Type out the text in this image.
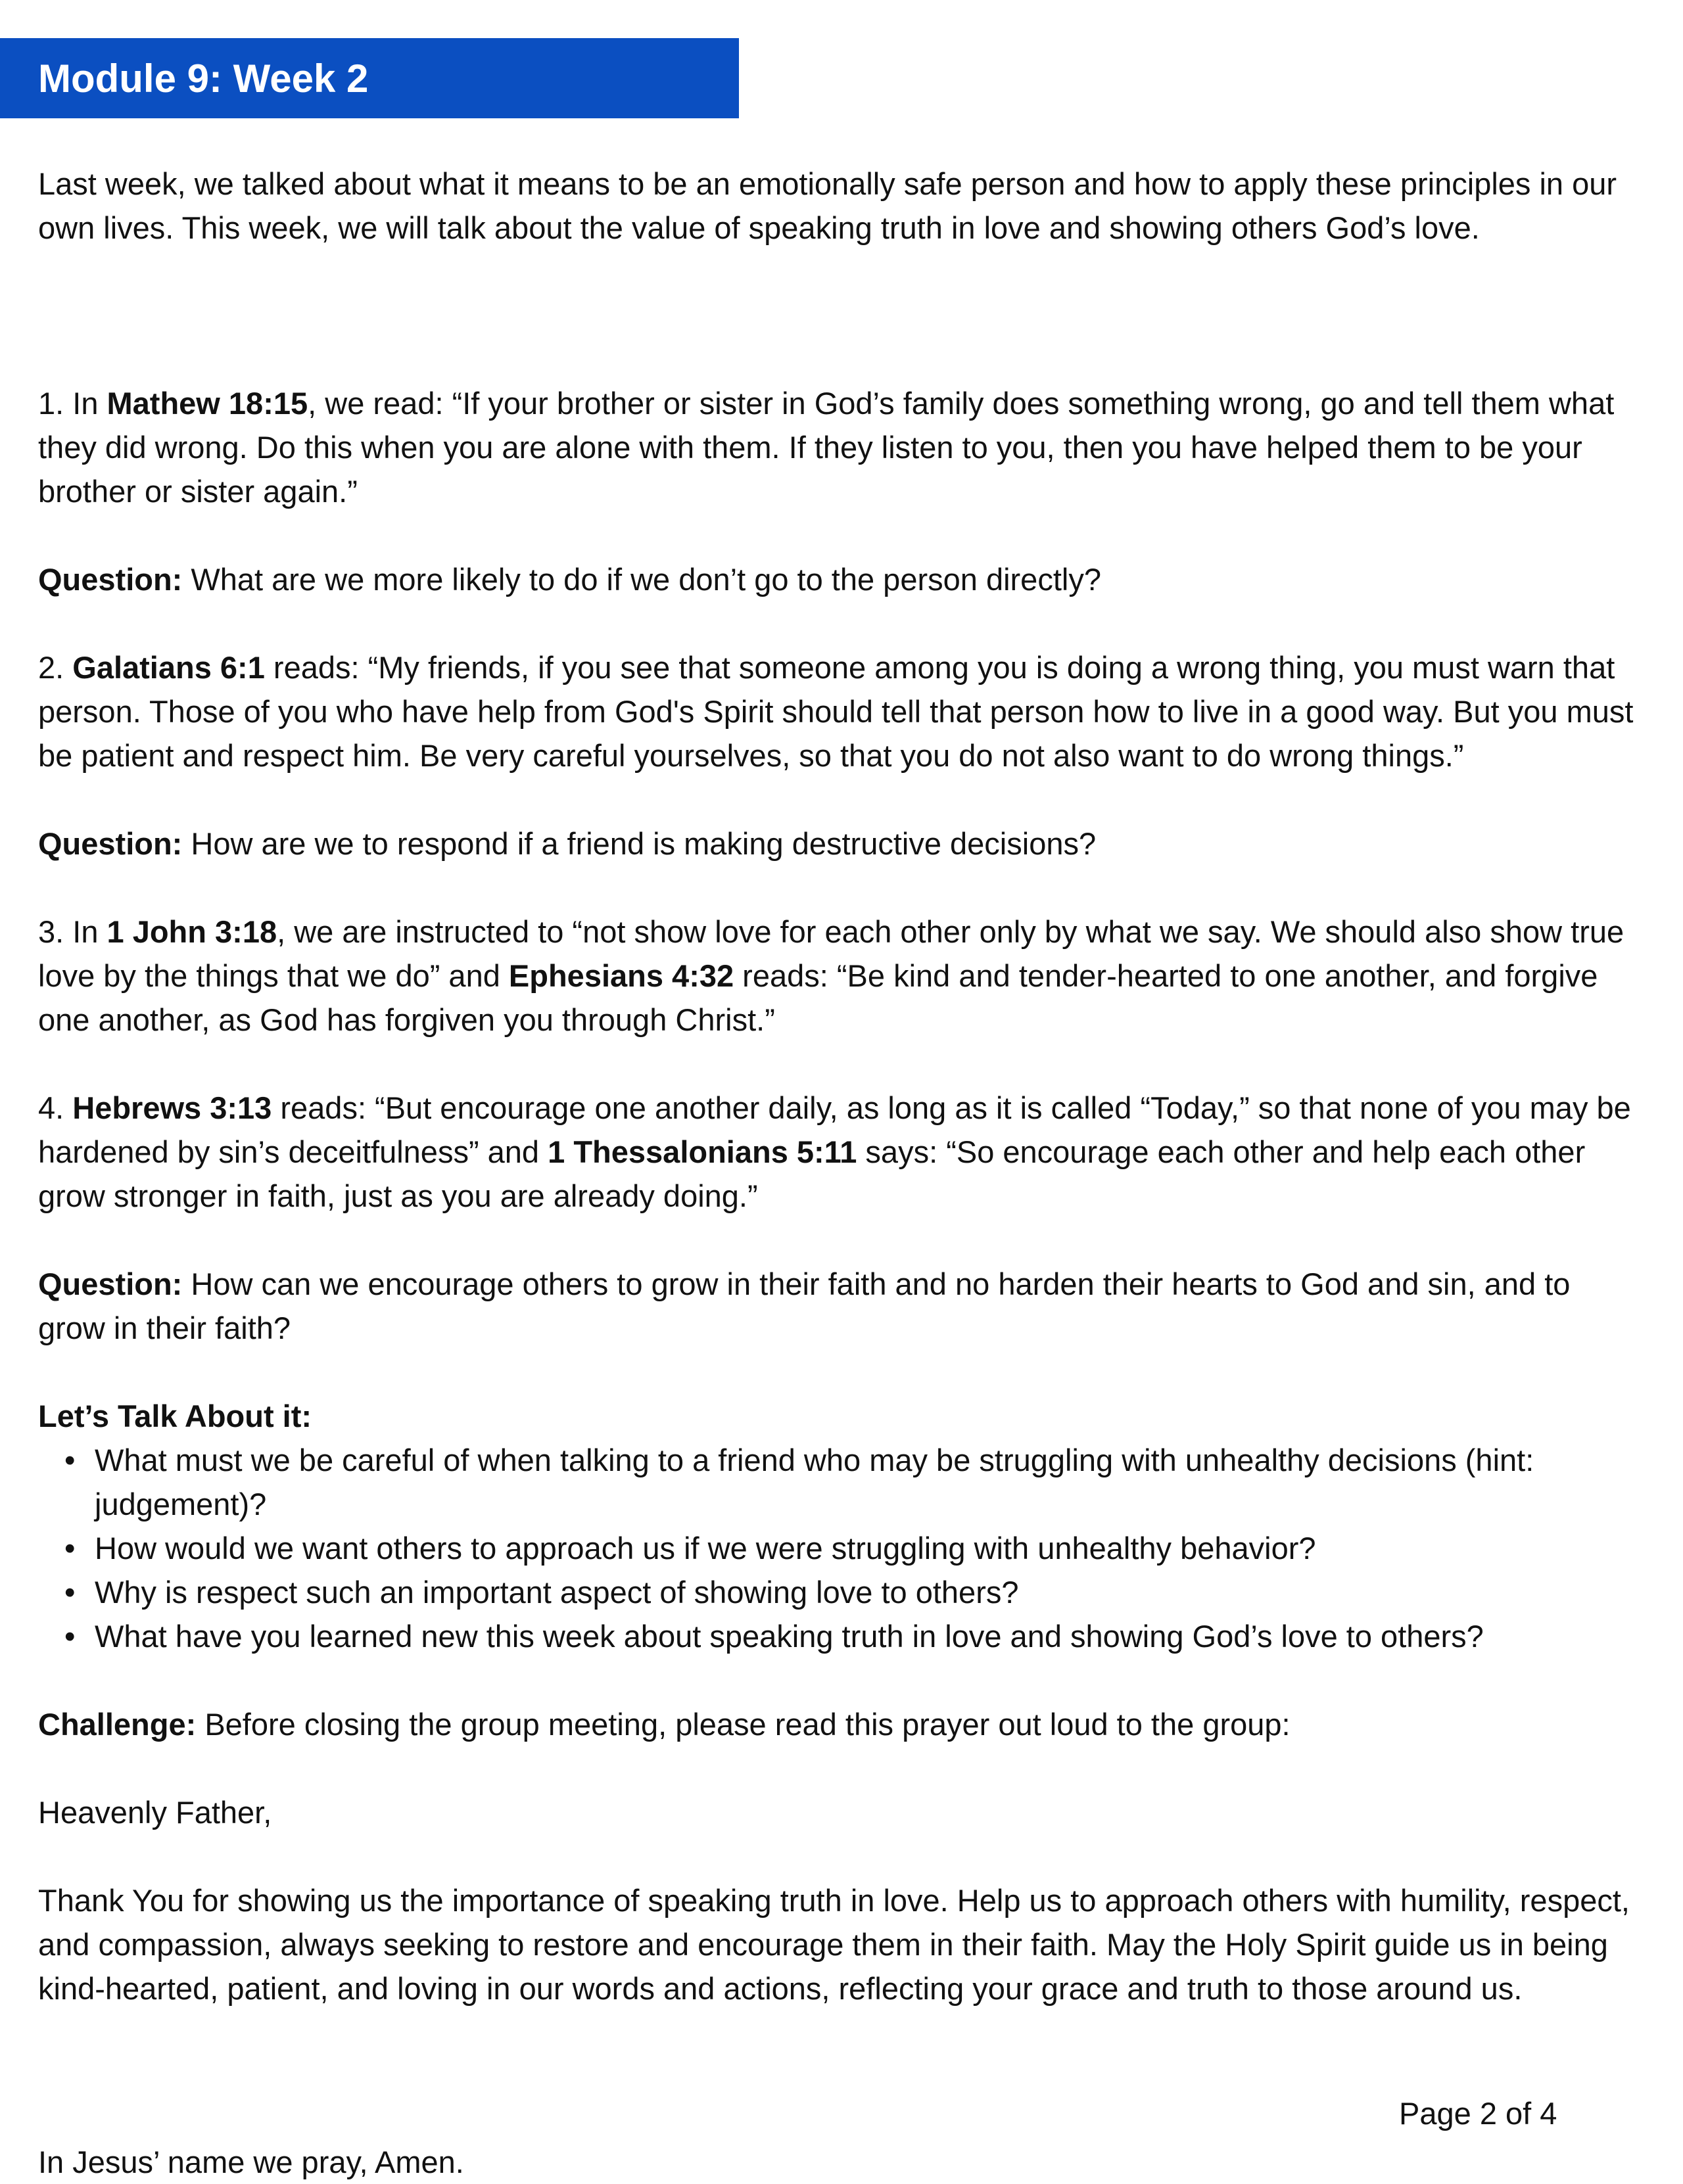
Module 9: Week 2

Last week, we talked about what it means to be an emotionally safe person and how to apply these principles in our own lives. This week, we will talk about the value of speaking truth in love and showing others God’s love.

1. In Mathew 18:15, we read: “If your brother or sister in God’s family does something wrong, go and tell them what they did wrong. Do this when you are alone with them. If they listen to you, then you have helped them to be your brother or sister again.”

Question: What are we more likely to do if we don’t go to the person directly?

2. Galatians 6:1 reads: “My friends, if you see that someone among you is doing a wrong thing, you must warn that person. Those of you who have help from God's Spirit should tell that person how to live in a good way. But you must be patient and respect him. Be very careful yourselves, so that you do not also want to do wrong things.”

Question: How are we to respond if a friend is making destructive decisions?

3. In 1 John 3:18, we are instructed to “not show love for each other only by what we say. We should also show true love by the things that we do” and Ephesians 4:32 reads: “Be kind and tender-hearted to one another, and forgive one another, as God has forgiven you through Christ.”

4. Hebrews 3:13 reads: “But encourage one another daily, as long as it is called “Today,” so that none of you may be hardened by sin’s deceitfulness” and 1 Thessalonians 5:11 says: “So encourage each other and help each other grow stronger in faith, just as you are already doing.”

Question: How can we encourage others to grow in their faith and no harden their hearts to God and sin, and to grow in their faith?

Let’s Talk About it:

• What must we be careful of when talking to a friend who may be struggling with unhealthy decisions (hint: judgement)?
• How would we want others to approach us if we were struggling with unhealthy behavior?
• Why is respect such an important aspect of showing love to others?
• What have you learned new this week about speaking truth in love and showing God’s love to others?

Challenge: Before closing the group meeting, please read this prayer out loud to the group:

Heavenly Father,

Thank You for showing us the importance of speaking truth in love. Help us to approach others with humility, respect, and compassion, always seeking to restore and encourage them in their faith. May the Holy Spirit guide us in being kind-hearted, patient, and loving in our words and actions, reflecting your grace and truth to those around us.

Page 2 of 4
In Jesus’ name we pray, Amen.
